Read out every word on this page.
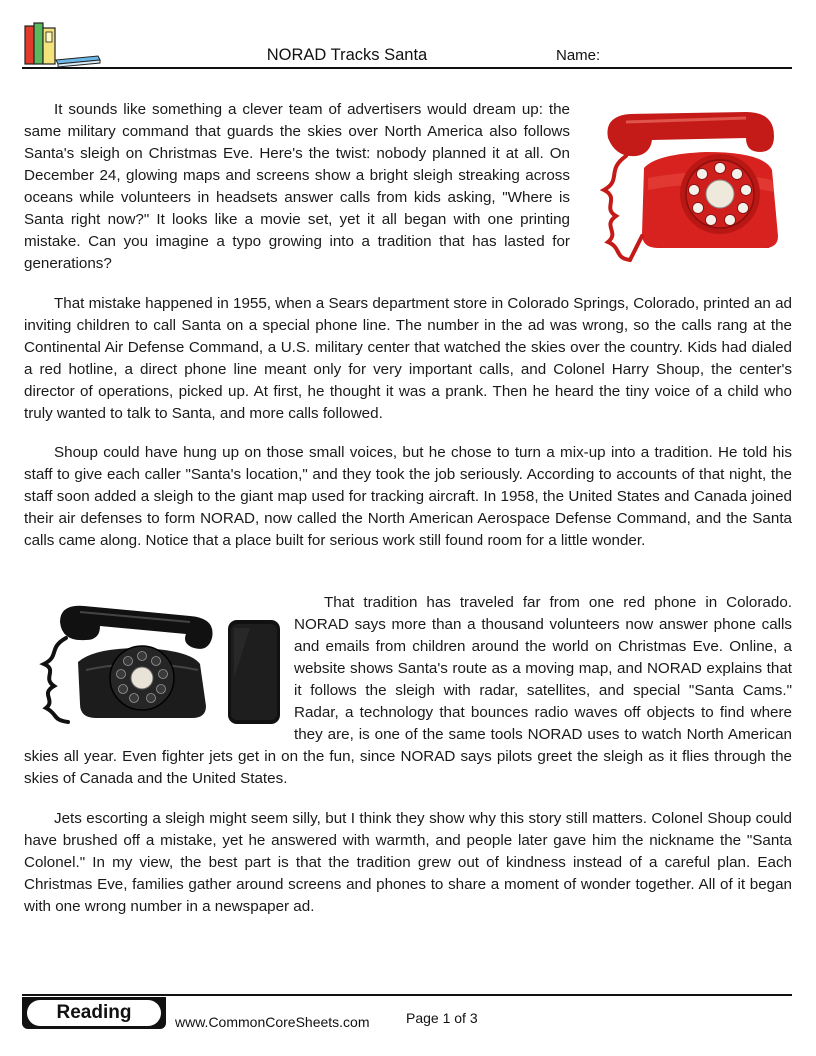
NORAD Tracks Santa	Name:

It sounds like something a clever team of advertisers would dream up: the same military command that guards the skies over North America also follows Santa's sleigh on Christmas Eve. Here's the twist: nobody planned it at all. On December 24, glowing maps and screens show a bright sleigh streaking across oceans while volunteers in headsets answer calls from kids asking, "Where is Santa right now?" It looks like a movie set, yet it all began with one printing mistake. Can you imagine a typo growing into a tradition that has lasted for generations?

That mistake happened in 1955, when a Sears department store in Colorado Springs, Colorado, printed an ad inviting children to call Santa on a special phone line. The number in the ad was wrong, so the calls rang at the Continental Air Defense Command, a U.S. military center that watched the skies over the country. Kids had dialed a red hotline, a direct phone line meant only for very important calls, and Colonel Harry Shoup, the center's director of operations, picked up. At first, he thought it was a prank. Then he heard the tiny voice of a child who truly wanted to talk to Santa, and more calls followed.

Shoup could have hung up on those small voices, but he chose to turn a mix-up into a tradition. He told his staff to give each caller "Santa's location," and they took the job seriously. According to accounts of that night, the staff soon added a sleigh to the giant map used for tracking aircraft. In 1958, the United States and Canada joined their air defenses to form NORAD, now called the North American Aerospace Defense Command, and the Santa calls came along. Notice that a place built for serious work still found room for a little wonder.

That tradition has traveled far from one red phone in Colorado. NORAD says more than a thousand volunteers now answer phone calls and emails from children around the world on Christmas Eve. Online, a website shows Santa's route as a moving map, and NORAD explains that it follows the sleigh with radar, satellites, and special "Santa Cams." Radar, a technology that bounces radio waves off objects to find where they are, is one of the same tools NORAD uses to watch North American skies all year. Even fighter jets get in on the fun, since NORAD says pilots greet the sleigh as it flies through the skies of Canada and the United States.

Jets escorting a sleigh might seem silly, but I think they show why this story still matters. Colonel Shoup could have brushed off a mistake, yet he answered with warmth, and people later gave him the nickname the "Santa Colonel." In my view, the best part is that the tradition grew out of kindness instead of a careful plan. Each Christmas Eve, families gather around screens and phones to share a moment of wonder together. All of it began with one wrong number in a newspaper ad.

Reading	www.CommonCoreSheets.com	Page 1 of 3
